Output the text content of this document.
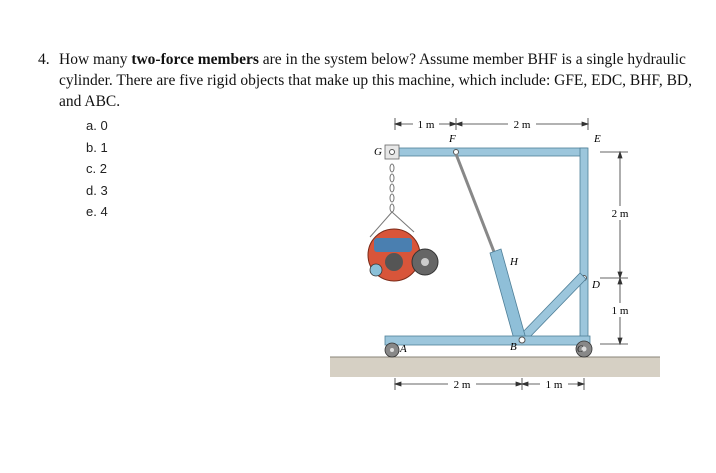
4. How many two-force members are in the system below? Assume member BHF is a single hydraulic cylinder. There are five rigid objects that make up this machine, which include: GFE, EDC, BHF, BD, and ABC.
a. 0
b. 1
c. 2
d. 3
e. 4
1 m	2 m
2 m
1 m
2 m	1 m
G
F	E
H
D
B
A	C
